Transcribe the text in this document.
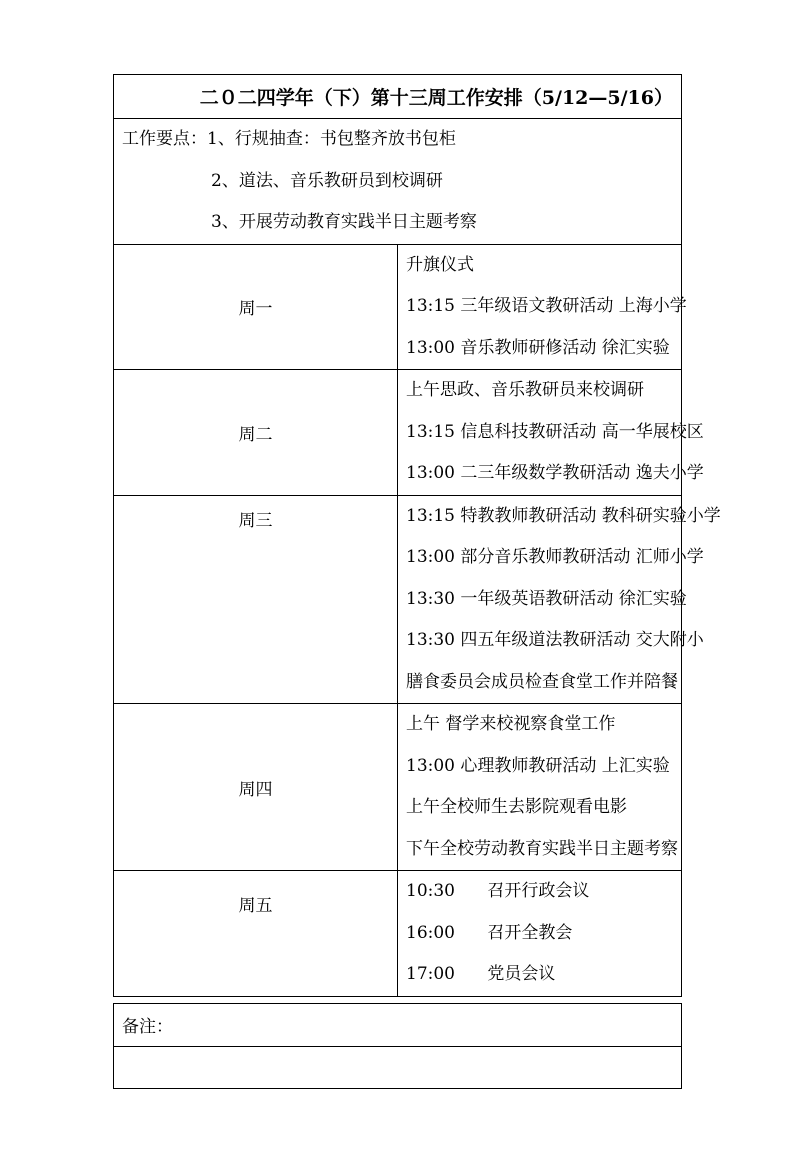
二０二四学年（下）第十三周工作安排（5/12—5/16）	

工作要点：1、行规抽查：书包整齐放书包柜
2、道法、音乐教研员到校调研
3、开展劳动教育实践半日主题考察	

周一	升旗仪式
13:15 三年级语文教研活动 上海小学
13:00 音乐教师研修活动 徐汇实验

周二	上午思政、音乐教研员来校调研
13:15 信息科技教研活动 高一华展校区
13:00 二三年级数学教研活动 逸夫小学

周三	13:15 特教教师教研活动 教科研实验小学
13:00 部分音乐教师教研活动 汇师小学
13:30 一年级英语教研活动 徐汇实验
13:30 四五年级道法教研活动 交大附小
膳食委员会成员检查食堂工作并陪餐

周四	上午 督学来校视察食堂工作
13:00 心理教师教研活动 上汇实验
上午全校师生去影院观看电影
下午全校劳动教育实践半日主题考察

周五	10:30      召开行政会议
16:00      召开全教会
17:00      党员会议
备注：
